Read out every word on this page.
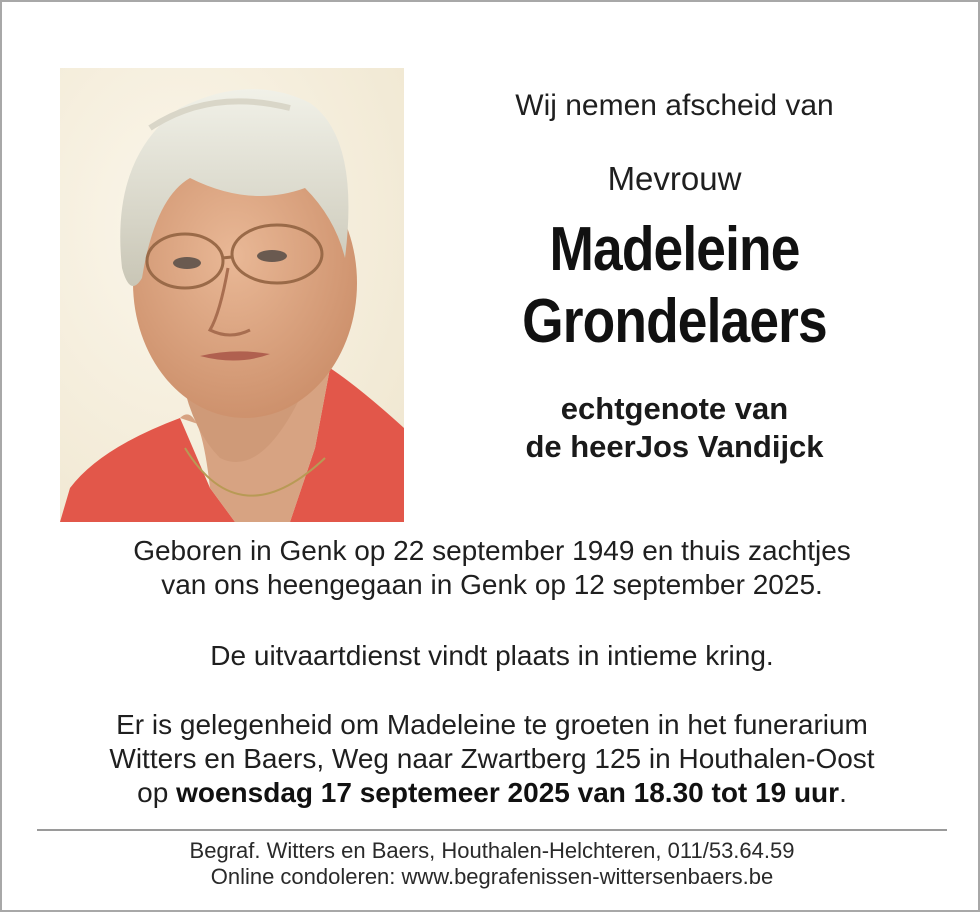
Wij nemen afscheid van

Mevrouw

Madeleine
Grondelaers
echtgenote van
de heerJos Vandijck
Geboren in Genk op 22 september 1949 en thuis zachtjes
van ons heengegaan in Genk op 12 september 2025.
De uitvaartdienst vindt plaats in intieme kring.
Er is gelegenheid om Madeleine te groeten in het funerarium
Witters en Baers, Weg naar Zwartberg 125 in Houthalen-Oost
op woensdag 17 septemeer 2025 van 18.30 tot 19 uur.
Begraf. Witters en Baers, Houthalen-Helchteren, 011/53.64.59
Online condoleren: www.begrafenissen-wittersenbaers.be
